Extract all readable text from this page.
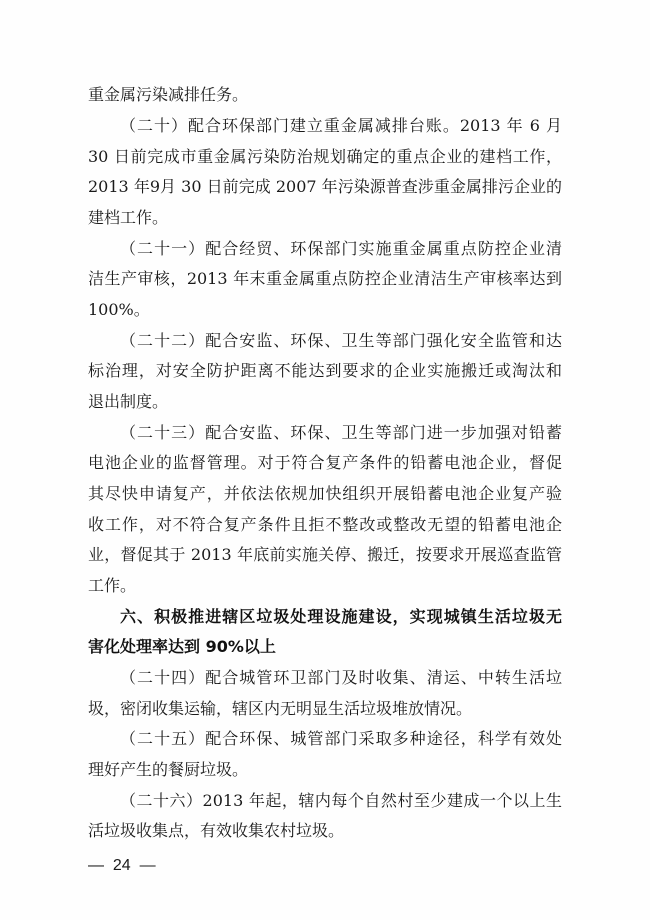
重金属污染减排任务。
（二十）配合环保部门建立重金属减排台账。2013 年 6 月
30 日前完成市重金属污染防治规划确定的重点企业的建档工作，
2013 年9月 30 日前完成 2007 年污染源普查涉重金属排污企业的
建档工作。
（二十一）配合经贸、环保部门实施重金属重点防控企业清
洁生产审核，2013 年末重金属重点防控企业清洁生产审核率达到
100%。
（二十二）配合安监、环保、卫生等部门强化安全监管和达
标治理，对安全防护距离不能达到要求的企业实施搬迁或淘汰和
退出制度。
（二十三）配合安监、环保、卫生等部门进一步加强对铅蓄
电池企业的监督管理。对于符合复产条件的铅蓄电池企业，督促
其尽快申请复产，并依法依规加快组织开展铅蓄电池企业复产验
收工作，对不符合复产条件且拒不整改或整改无望的铅蓄电池企
业，督促其于 2013 年底前实施关停、搬迁，按要求开展巡查监管
工作。
六、积极推进辖区垃圾处理设施建设，实现城镇生活垃圾无
害化处理率达到 90%以上
（二十四）配合城管环卫部门及时收集、清运、中转生活垃
圾，密闭收集运输，辖区内无明显生活垃圾堆放情况。
（二十五）配合环保、城管部门采取多种途径，科学有效处
理好产生的餐厨垃圾。
（二十六）2013 年起，辖内每个自然村至少建成一个以上生
活垃圾收集点，有效收集农村垃圾。
—  24  —
